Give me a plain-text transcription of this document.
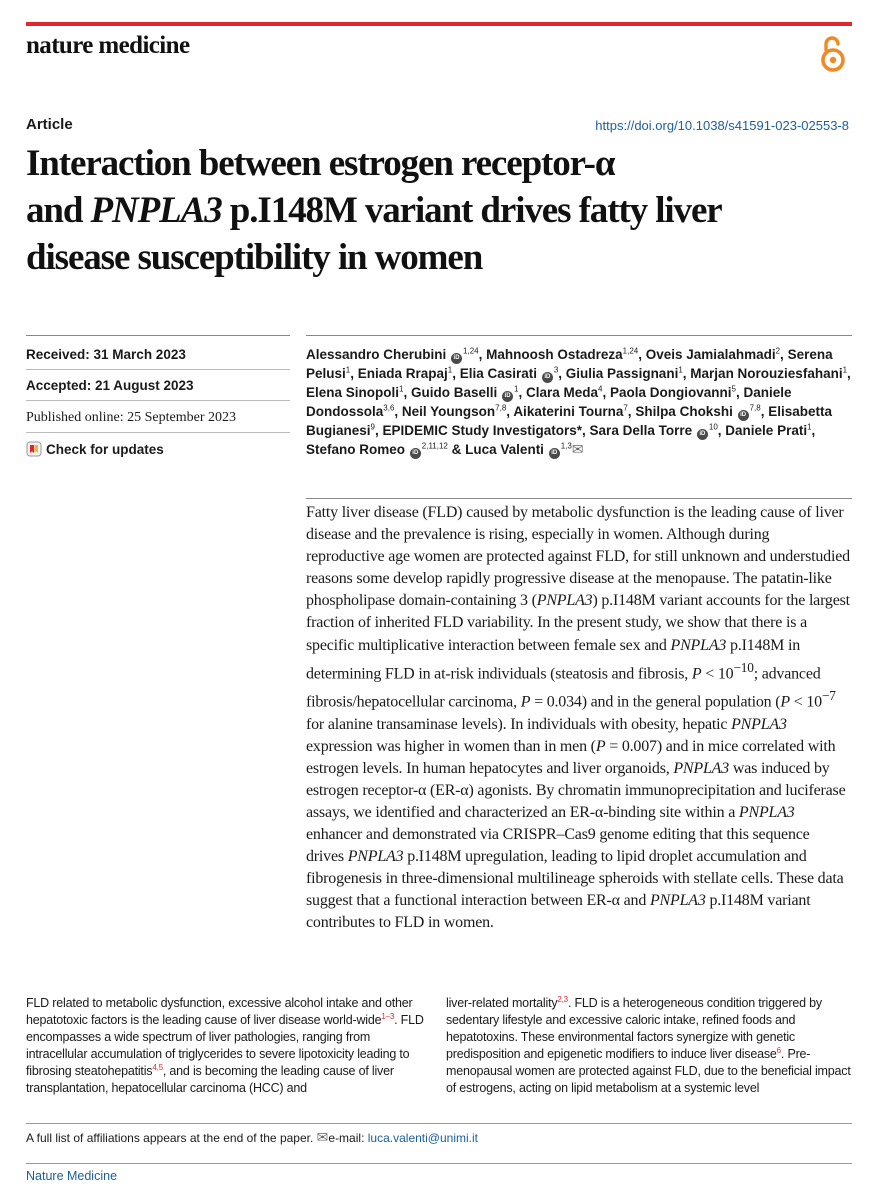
nature medicine
Article	https://doi.org/10.1038/s41591-023-02553-8
Interaction between estrogen receptor-α
and PNPLA3 p.I148M variant drives fatty liver
disease susceptibility in women
Received: 31 March 2023
Accepted: 21 August 2023
Published online: 25 September 2023
Check for updates
Alessandro Cherubini iD$^{1,24}$, Mahnoosh Ostadreza$^{1,24}$, Oveis Jamialahmadi$^2$, Serena Pelusi$^1$, Eniada Rrapaj$^1$, Elia Casirati $iD^3$, Giulia Passignani$^1$, Marjan Norouziesfahani$^1$, Elena Sinopoli$^1$, Guido Baselli $iD^1$, Clara Meda$^4$, Paola Dongiovanni$^5$, Daniele Dondossola$^{3,6}$, Neil Youngson$^{7,8}$, Aikaterini Tourna$^7$, Shilpa Chokshi iD$^{7,8}$, Elisabetta Bugianesi$^9$, EPIDEMIC Study Investigators*, Sara Della Torre $iD^{10}$, Daniele Prati$^1$, Stefano Romeo iD$^{2,11,12}$ & Luca Valenti iD$^{1,3}$✉

Fatty liver disease (FLD) caused by metabolic dysfunction is the leading cause of liver disease and the prevalence is rising, especially in women. Although during reproductive age women are protected against FLD, for still unknown and understudied reasons some develop rapidly progressive disease at the menopause. The patatin-like phospholipase domain-containing 3 (PNPLA3) p.I148M variant accounts for the largest fraction of inherited FLD variability. In the present study, we show that there is a specific multiplicative interaction between female sex and PNPLA3 p.I148M in determining FLD in at-risk individuals (steatosis and fibrosis, $P < 10^{-10}$; advanced fibrosis/hepatocellular carcinoma, P = 0.034) and in the general population ($P < 10^{-7}$ for alanine transaminase levels). In individuals with obesity, hepatic PNPLA3 expression was higher in women than in men (P = 0.007) and in mice correlated with estrogen levels. In human hepatocytes and liver organoids, PNPLA3 was induced by estrogen receptor-α (ER-α) agonists. By chromatin immunoprecipitation and luciferase assays, we identified and characterized an ER-α-binding site within a PNPLA3 enhancer and demonstrated via CRISPR–Cas9 genome editing that this sequence drives PNPLA3 p.I148M upregulation, leading to lipid droplet accumulation and fibrogenesis in three-dimensional multilineage spheroids with stellate cells. These data suggest that a functional interaction between ER-α and PNPLA3 p.I148M variant contributes to FLD in women.

FLD related to metabolic dysfunction, excessive alcohol intake and other hepatotoxic factors is the leading cause of liver disease world-wide$^{1-3}$. FLD encompasses a wide spectrum of liver pathologies, ranging from intracellular accumulation of triglycerides to severe lipotoxicity leading to fibrosing steatohepatitis$^{4,5}$, and is becoming the leading cause of liver transplantation, hepatocellular carcinoma (HCC) and

liver-related mortality$^{2,3}$. FLD is a heterogeneous condition triggered by sedentary lifestyle and excessive caloric intake, refined foods and hepatotoxins. These environmental factors synergize with genetic predisposition and epigenetic modifiers to induce liver disease$^6$. Pre-menopausal women are protected against FLD, due to the beneficial impact of estrogens, acting on lipid metabolism at a systemic level

A full list of affiliations appears at the end of the paper. ✉e-mail: luca.valenti@unimi.it
Nature Medicine
